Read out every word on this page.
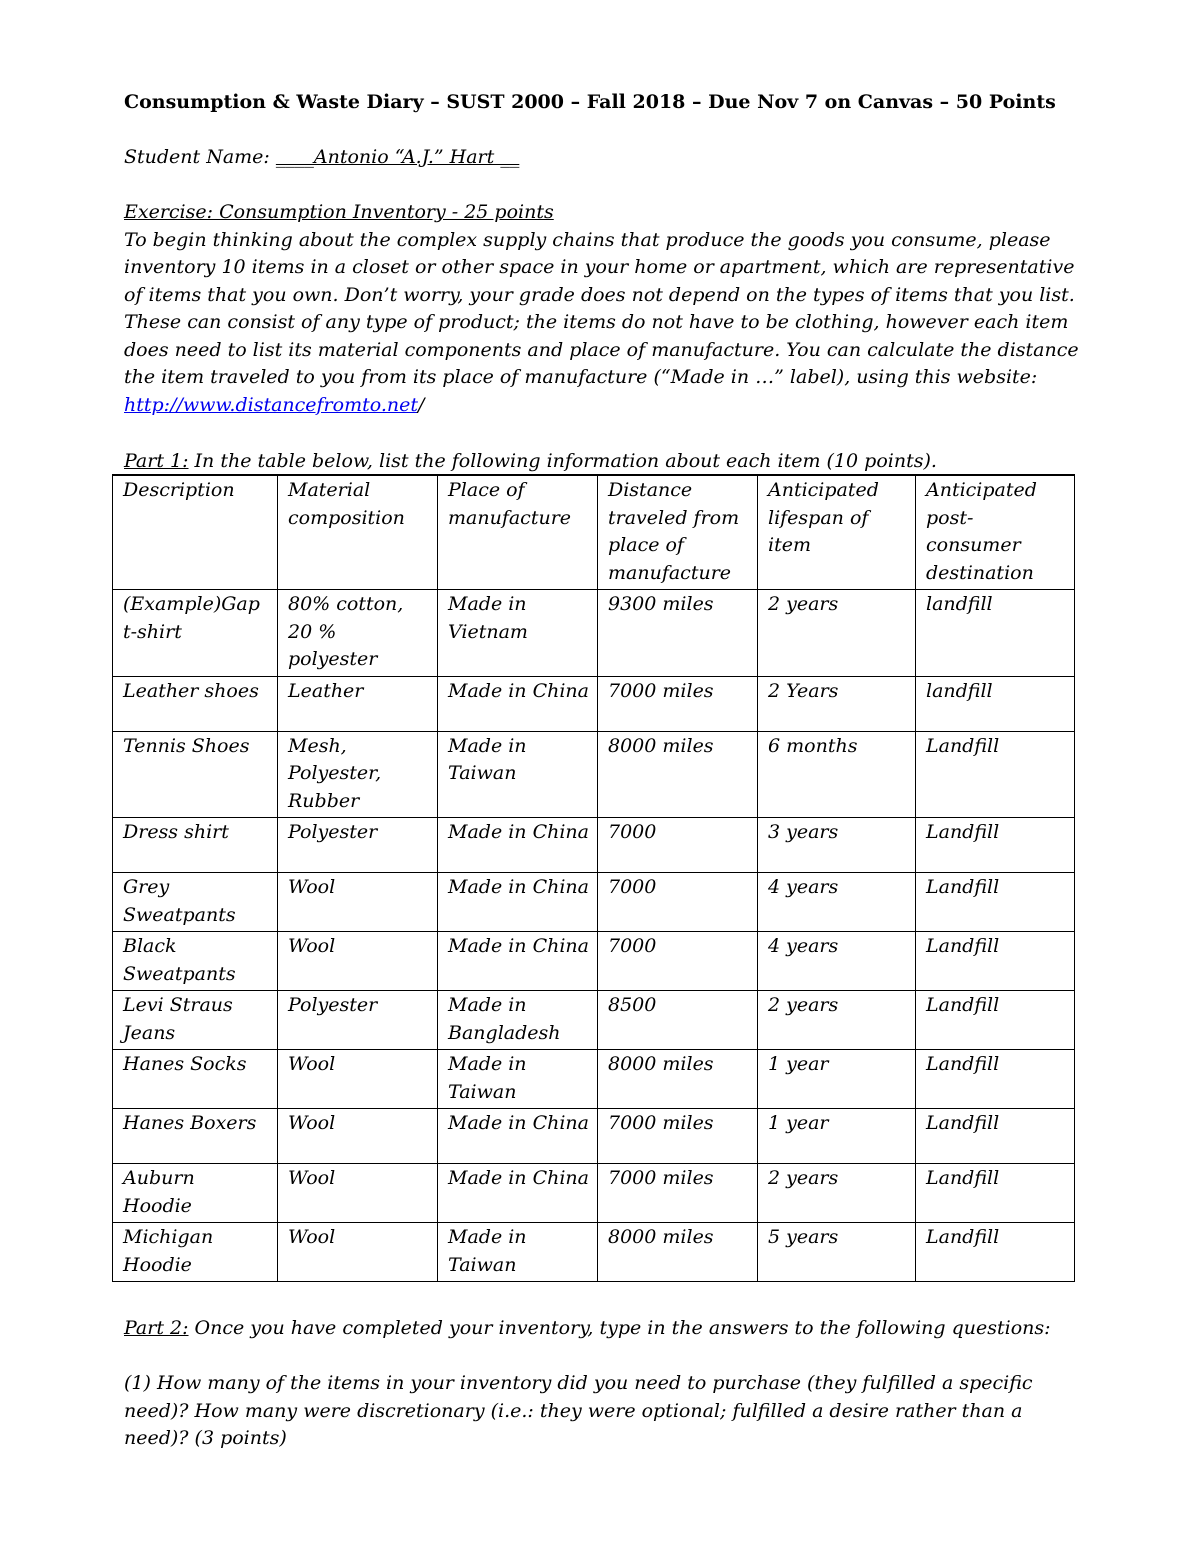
Consumption & Waste Diary – SUST 2000 – Fall 2018 – Due Nov 7 on Canvas – 50 Points
Student Name: ____Antonio “A.J.” Hart __
Exercise: Consumption Inventory - 25 points

To begin thinking about the complex supply chains that produce the goods you consume, please inventory 10 items in a closet or other space in your home or apartment, which are representative of items that you own. Don’t worry, your grade does not depend on the types of items that you list. These can consist of any type of product; the items do not have to be clothing, however each item does need to list its material components and place of manufacture. You can calculate the distance the item traveled to you from its place of manufacture (“Made in …” label), using this website: http://www.distancefromto.net/

Part 1: In the table below, list the following information about each item (10 points).
Description	Material composition	Place of manufacture	Distance traveled from place of manufacture	Anticipated lifespan of item	Anticipated post-consumer destination
(Example)Gap t-shirt	80% cotton, 20 % polyester	Made in Vietnam	9300 miles	2 years	landfill
Leather shoes	Leather	Made in China	7000 miles	2 Years	landfill
Tennis Shoes	Mesh, Polyester, Rubber	Made in Taiwan	8000 miles	6 months	Landfill
Dress shirt	Polyester	Made in China	7000	3 years	Landfill
Grey Sweatpants	Wool	Made in China	7000	4 years	Landfill
Black Sweatpants	Wool	Made in China	7000	4 years	Landfill
Levi Straus Jeans	Polyester	Made in Bangladesh	8500	2 years	Landfill
Hanes Socks	Wool	Made in Taiwan	8000 miles	1 year	Landfill
Hanes Boxers	Wool	Made in China	7000 miles	1 year	Landfill
Auburn Hoodie	Wool	Made in China	7000 miles	2 years	Landfill
Michigan Hoodie	Wool	Made in Taiwan	8000 miles	5 years	Landfill
Part 2: Once you have completed your inventory, type in the answers to the following questions:
(1) How many of the items in your inventory did you need to purchase (they fulfilled a specific need)? How many were discretionary (i.e.: they were optional; fulfilled a desire rather than a need)? (3 points)
